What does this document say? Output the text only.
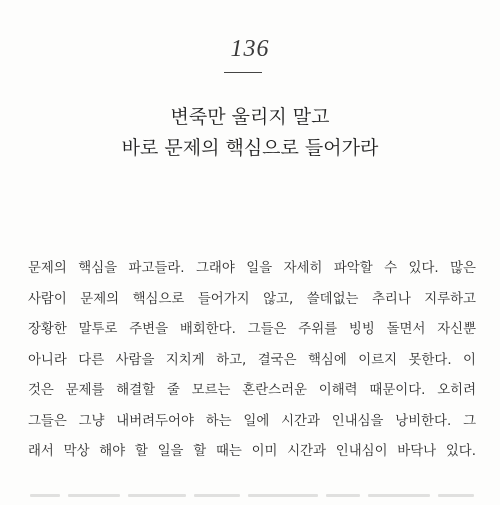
136
변죽만 울리지 말고
바로 문제의 핵심으로 들어가라
문제의 핵심을 파고들라. 그래야 일을 자세히 파악할 수 있다. 많은
사람이 문제의 핵심으로 들어가지 않고, 쓸데없는 추리나 지루하고
장황한 말투로 주변을 배회한다. 그들은 주위를 빙빙 돌면서 자신뿐
아니라 다른 사람을 지치게 하고, 결국은 핵심에 이르지 못한다. 이
것은 문제를 해결할 줄 모르는 혼란스러운 이해력 때문이다. 오히려
그들은 그냥 내버려두어야 하는 일에 시간과 인내심을 낭비한다. 그
래서 막상 해야 할 일을 할 때는 이미 시간과 인내심이 바닥나 있다.
